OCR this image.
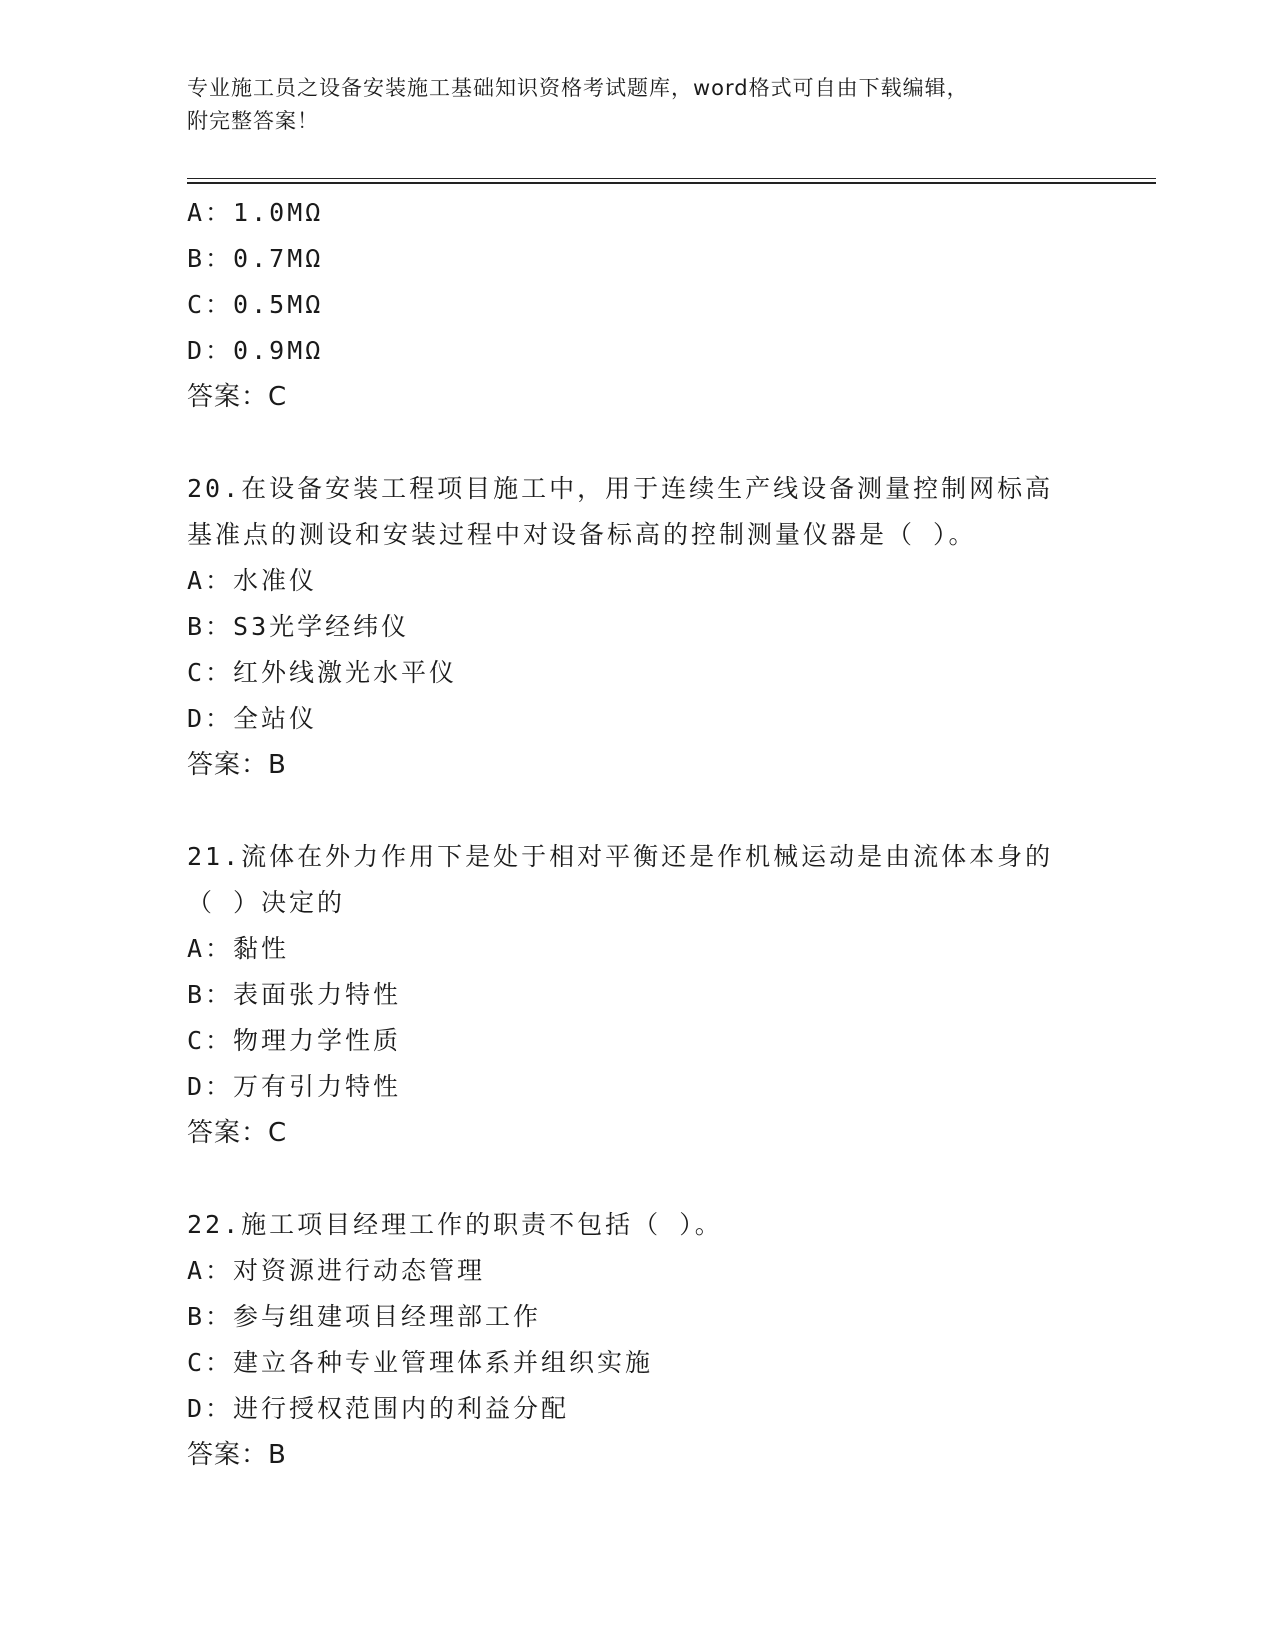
专业施工员之设备安装施工基础知识资格考试题库，word格式可自由下载编辑，
附完整答案！
A：1.0MΩ
B：0.7MΩ
C：0.5MΩ
D：0.9MΩ
答案：C
20.在设备安装工程项目施工中，用于连续生产线设备测量控制网标高
基准点的测设和安装过程中对设备标高的控制测量仪器是（ ）。
A：水准仪
B：S3光学经纬仪
C：红外线激光水平仪
D：全站仪
答案：B
21.流体在外力作用下是处于相对平衡还是作机械运动是由流体本身的
（ ）决定的
A：黏性
B：表面张力特性
C：物理力学性质
D：万有引力特性
答案：C
22.施工项目经理工作的职责不包括（ ）。
A：对资源进行动态管理
B：参与组建项目经理部工作
C：建立各种专业管理体系并组织实施
D：进行授权范围内的利益分配
答案：B
